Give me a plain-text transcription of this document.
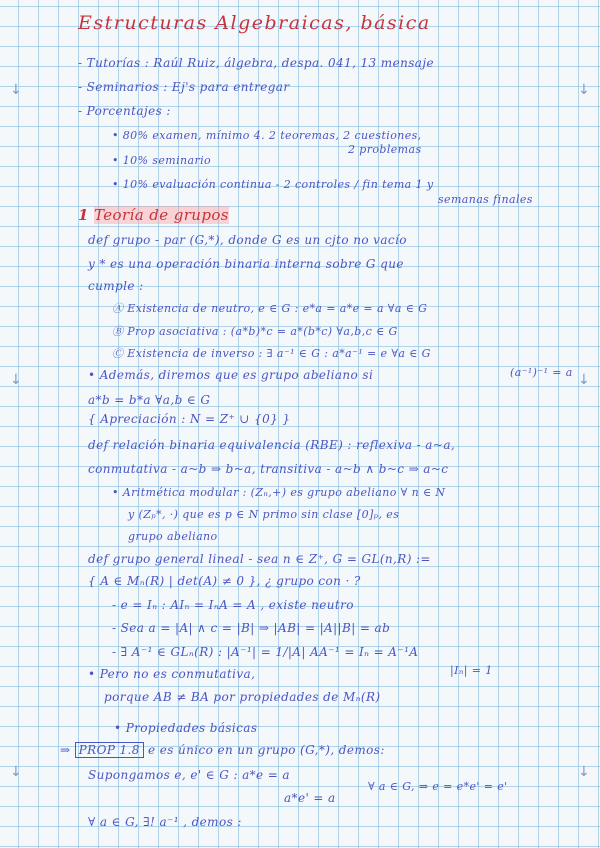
Estructuras Algebraicas, básica
- Tutorías : Raúl Ruiz, álgebra, despa. 041, 13 mensaje
- Seminarios : Ej's para entregar
- Porcentajes :
• 80% examen, mínimo 4. 2 teoremas, 2 cuestiones,
2 problemas
• 10% seminario
• 10% evaluación continua - 2 controles / fin tema 1 y
semanas finales
1 Teoría de grupos
def grupo - par (G,*), donde G es un cjto no vacío
y * es una operación binaria interna sobre G que
cumple :
Ⓐ Existencia de neutro, e ∈ G : e*a = a*e = a ∀a ∈ G
Ⓑ Prop asociativa : (a*b)*c = a*(b*c) ∀a,b,c ∈ G
Ⓒ Existencia de inverso : ∃ a⁻¹ ∈ G : a*a⁻¹ = e ∀a ∈ G
(a⁻¹)⁻¹ = a
• Además, diremos que es grupo abeliano si
a*b = b*a ∀a,b ∈ G
{ Apreciación : N = Z⁺ ∪ {0} }
def relación binaria equivalencia (RBE) : reflexiva - a~a,
conmutativa - a~b ⇒ b~a, transitiva - a~b ∧ b~c ⇒ a~c
• Aritmética modular : (Zₙ,+) es grupo abeliano ∀ n ∈ N
y (Zₚ*, ·) que es p ∈ N primo sin clase [0]ₚ, es
grupo abeliano
def grupo general lineal - sea n ∈ Z⁺, G = GL(n,R) :=
{ A ∈ Mₙ(R) | det(A) ≠ 0 }, ¿ grupo con · ?
- e = Iₙ : AIₙ = IₙA = A , existe neutro
- Sea a = |A| ∧ c = |B| ⇒ |AB| = |A||B| = ab
- ∃ A⁻¹ ∈ GLₙ(R) : |A⁻¹| = 1/|A| AA⁻¹ = Iₙ = A⁻¹A
|Iₙ| = 1
• Pero no es conmutativa,
porque AB ≠ BA por propiedades de Mₙ(R)
• Propiedades básicas
⇒ PROP 1.8 e es único en un grupo (G,*), demos:
Supongamos e, e' ∈ G : a*e = a
a*e' = a
∀ a ∈ G, ⇒ e = e*e' = e'
∀ a ∈ G, ∃! a⁻¹ , demos :
↓
↓
↓
↓
↓
↓
